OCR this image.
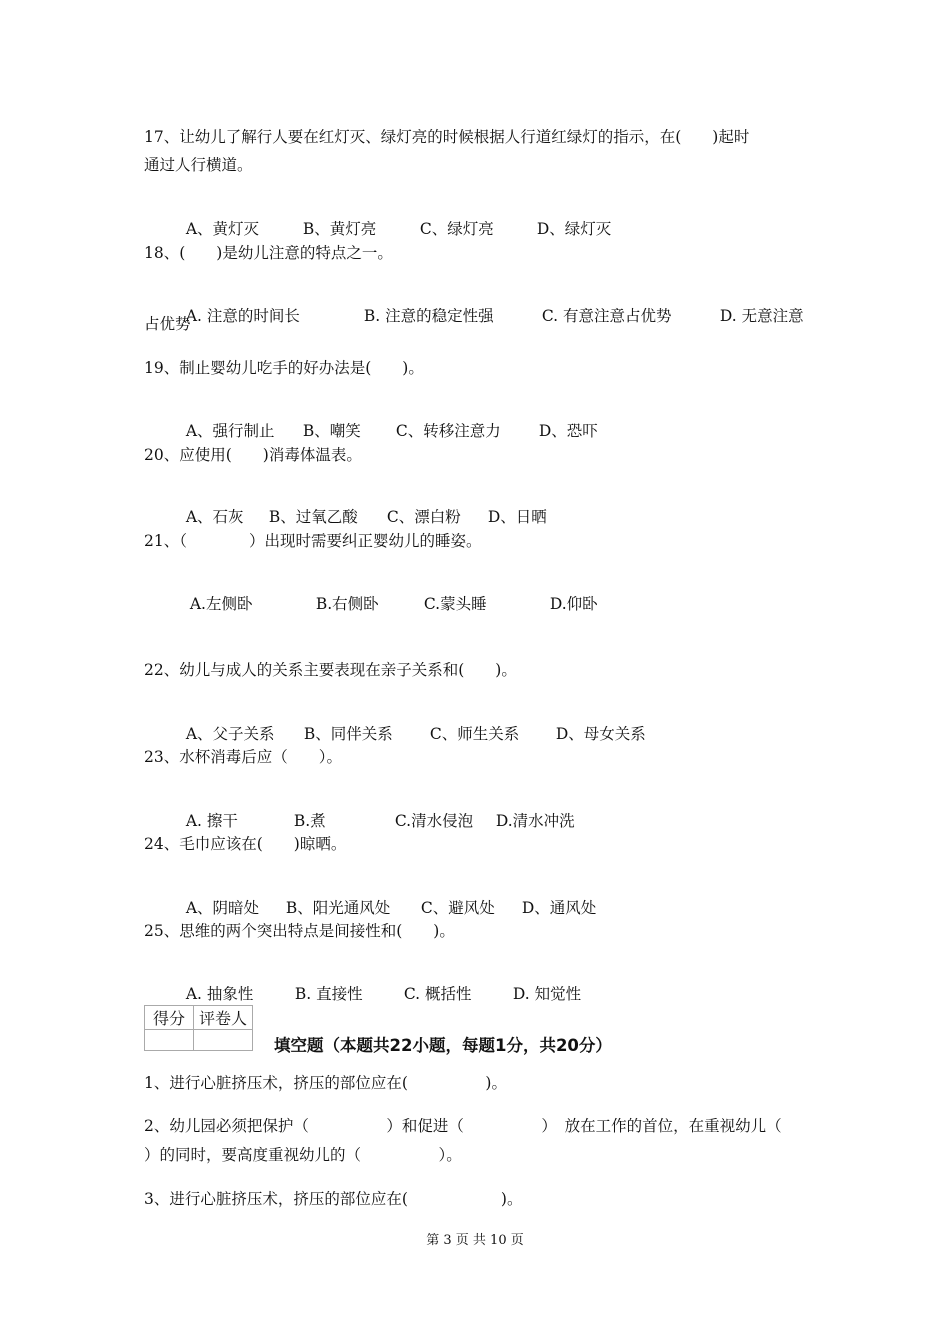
17、让幼儿了解行人要在红灯灭、绿灯亮的时候根据人行道红绿灯的指示，在(　　)起时
通过人行横道。

A、黄灯灭	B、黄灯亮	C、绿灯亮	D、绿灯灭

18、(　　)是幼儿注意的特点之一。

A. 注意的时间长	B. 注意的稳定性强	C. 有意注意占优势	D. 无意注意

占优势
19、制止婴幼儿吃手的好办法是(　　)。

A、强行制止 B、嘲笑 C、转移注意力 D、恐吓

20、应使用(　　)消毒体温表。

A、石灰 B、过氧乙酸 C、漂白粉 D、日晒

21、（　　　　）出现时需要纠正婴幼儿的睡姿。

A.左侧卧	B.右侧卧	C.蒙头睡	D.仰卧

22、幼儿与成人的关系主要表现在亲子关系和(　　)。

A、父子关系 B、同伴关系 C、师生关系 D、母女关系

23、水杯消毒后应（　　）。

A. 擦干	B.煮	C.清水侵泡 D.清水冲洗

24、毛巾应该在(　　)晾晒。

A、阴暗处 B、阳光通风处 C、避风处 D、通风处

25、思维的两个突出特点是间接性和(　　)。

A. 抽象性	B. 直接性	C. 概括性	D. 知觉性

得分	评卷人

填空题（本题共22小题，每题1分，共20分）
1、进行心脏挤压术，挤压的部位应在(　　　　　)。
2、幼儿园必须把保护（　　　　　）和促进（　　　　　）　放在工作的首位，在重视幼儿（
）的同时，要高度重视幼儿的（　　　　　）。
3、进行心脏挤压术，挤压的部位应在(　　　　　　)。
第 3 页 共 10 页
